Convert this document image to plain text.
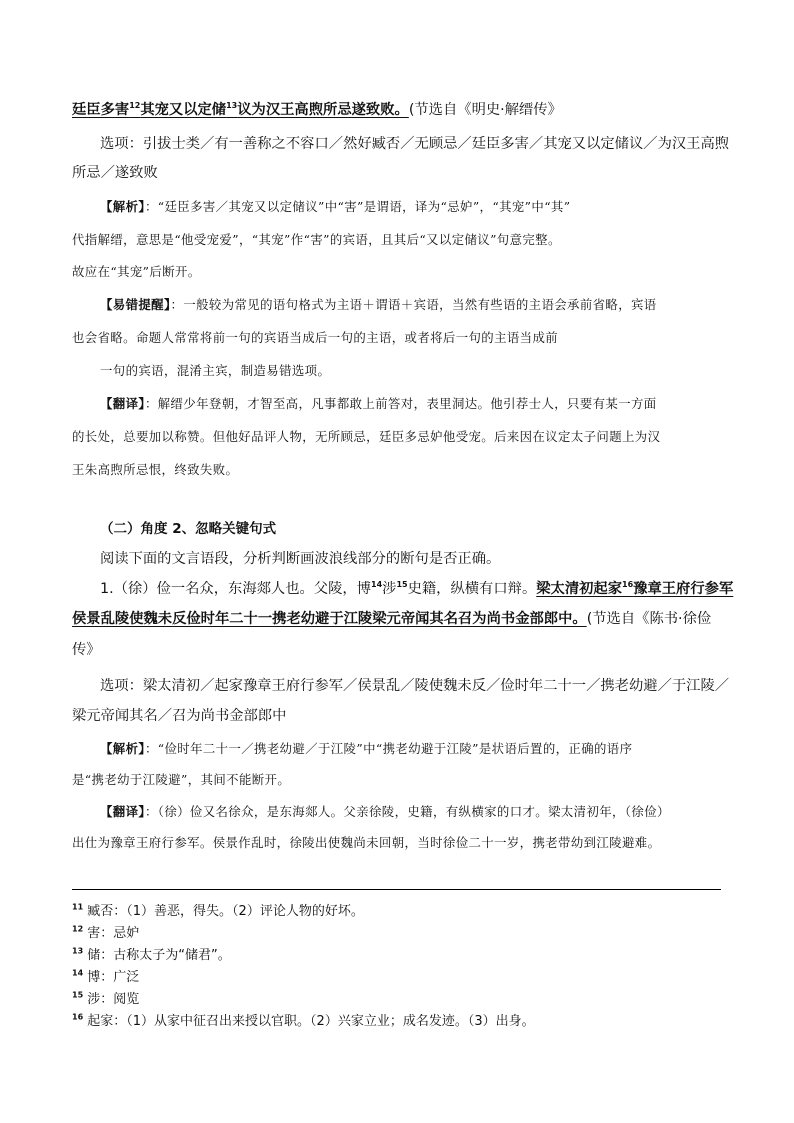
廷臣多害$^{12}$其宠又以定储$^{13}$议为汉王高煦所忌遂致败。(节选自《明史·解缙传》
选项：引拔士类／有一善称之不容口／然好臧否／无顾忌／廷臣多害／其宠又以定储议／为汉王高煦
所忌／遂致败
【解析】：“廷臣多害／其宠又以定储议”中“害”是谓语，译为“忌妒”，“其宠”中“其”
代指解缙，意思是“他受宠爱”，“其宠”作“害”的宾语，且其后“又以定储议”句意完整。
故应在“其宠”后断开。
【易错提醒】：一般较为常见的语句格式为主语＋谓语＋宾语，当然有些语的主语会承前省略，宾语
也会省略。命题人常常将前一句的宾语当成后一句的主语，或者将后一句的主语当成前
一句的宾语，混淆主宾，制造易错选项。
【翻译】：解缙少年登朝，才智至高，凡事都敢上前答对，表里洞达。他引荐士人，只要有某一方面
的长处，总要加以称赞。但他好品评人物，无所顾忌，廷臣多忌妒他受宠。后来因在议定太子问题上为汉
王朱高煦所忌恨，终致失败。
（二）角度 2、忽略关键句式
阅读下面的文言语段，分析判断画波浪线部分的断句是否正确。
1.（徐）俭一名众，东海郯人也。父陵，博$^{14}$涉$^{15}$史籍，纵横有口辩。梁太清初起家$^{16}$豫章王府行参军
侯景乱陵使魏未反俭时年二十一携老幼避于江陵梁元帝闻其名召为尚书金部郎中。(节选自《陈书·徐俭
传》
选项：梁太清初／起家豫章王府行参军／侯景乱／陵使魏未反／俭时年二十一／携老幼避／于江陵／
梁元帝闻其名／召为尚书金部郎中
【解析】：“俭时年二十一／携老幼避／于江陵”中“携老幼避于江陵”是状语后置的，正确的语序
是“携老幼于江陵避”，其间不能断开。
【翻译】：（徐）俭又名徐众，是东海郯人。父亲徐陵，史籍，有纵横家的口才。梁太清初年，（徐俭）
出仕为豫章王府行参军。侯景作乱时，徐陵出使魏尚未回朝，当时徐俭二十一岁，携老带幼到江陵避难。
$^{11}$ 臧否：（1）善恶，得失。（2）评论人物的好坏。
$^{12}$ 害：忌妒
$^{13}$ 储：古称太子为“储君”。
$^{14}$ 博：广泛
$^{15}$ 涉：阅览
$^{16}$ 起家：（1）从家中征召出来授以官职。（2）兴家立业；成名发迹。（3）出身。
